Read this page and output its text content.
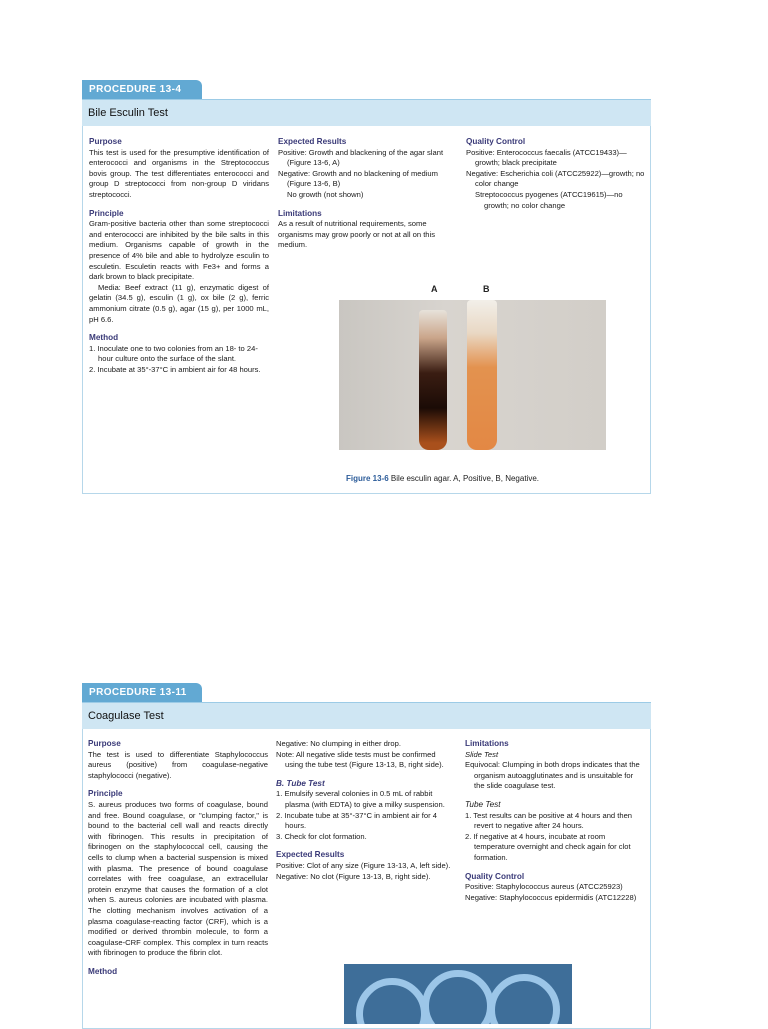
PROCEDURE 13-4
Bile Esculin Test

Purpose

This test is used for the presumptive identification of enterococci and organisms in the Streptococcus bovis group. The test differentiates enterococci and group D streptococci from non-group D viridans streptococci.

Principle

Gram-positive bacteria other than some streptococci and enterococci are inhibited by the bile salts in this medium. Organisms capable of growth in the presence of 4% bile and able to hydrolyze esculin to esculetin. Esculetin reacts with Fe3+ and forms a dark brown to black precipitate.

Media: Beef extract (11 g), enzymatic digest of gelatin (34.5 g), esculin (1 g), ox bile (2 g), ferric ammonium citrate (0.5 g), agar (15 g), per 1000 mL, pH 6.6.

Method

1. Inoculate one to two colonies from an 18- to 24-hour culture onto the surface of the slant.

2. Incubate at 35°-37°C in ambient air for 48 hours.

Expected Results

Positive: Growth and blackening of the agar slant (Figure 13-6, A)

Negative: Growth and no blackening of medium (Figure 13-6, B)

No growth (not shown)

Limitations

As a result of nutritional requirements, some organisms may grow poorly or not at all on this medium.

Quality Control

Positive: Enterococcus faecalis (ATCC19433)—growth; black precipitate

Negative: Escherichia coli (ATCC25922)—growth; no color change

Streptococcus pyogenes (ATCC19615)—no growth; no color change

A	B
Figure 13-6 Bile esculin agar. A, Positive, B, Negative.
PROCEDURE 13-11
Coagulase Test

Purpose

The test is used to differentiate Staphylococcus aureus (positive) from coagulase-negative staphylococci (negative).

Principle

S. aureus produces two forms of coagulase, bound and free. Bound coagulase, or "clumping factor," is bound to the bacterial cell wall and reacts directly with fibrinogen. This results in precipitation of fibrinogen on the staphylococcal cell, causing the cells to clump when a bacterial suspension is mixed with plasma. The presence of bound coagulase correlates with free coagulase, an extracellular protein enzyme that causes the formation of a clot when S. aureus colonies are incubated with plasma. The clotting mechanism involves activation of a plasma coagulase-reacting factor (CRF), which is a modified or derived thrombin molecule, to form a coagulase-CRF complex. This complex in turn reacts with fibrinogen to produce the fibrin clot.

Method

Negative: No clumping in either drop.

Note: All negative slide tests must be confirmed using the tube test (Figure 13-13, B, right side).

B. Tube Test

1. Emulsify several colonies in 0.5 mL of rabbit plasma (with EDTA) to give a milky suspension.

2. Incubate tube at 35°-37°C in ambient air for 4 hours.

3. Check for clot formation.

Expected Results

Positive: Clot of any size (Figure 13-13, A, left side).

Negative: No clot (Figure 13-13, B, right side).

Limitations

Slide Test

Equivocal: Clumping in both drops indicates that the organism autoagglutinates and is unsuitable for the slide coagulase test.

Tube Test

1. Test results can be positive at 4 hours and then revert to negative after 24 hours.

2. If negative at 4 hours, incubate at room temperature overnight and check again for clot formation.

Quality Control

Positive: Staphylococcus aureus (ATCC25923)

Negative: Staphylococcus epidermidis (ATC12228)
